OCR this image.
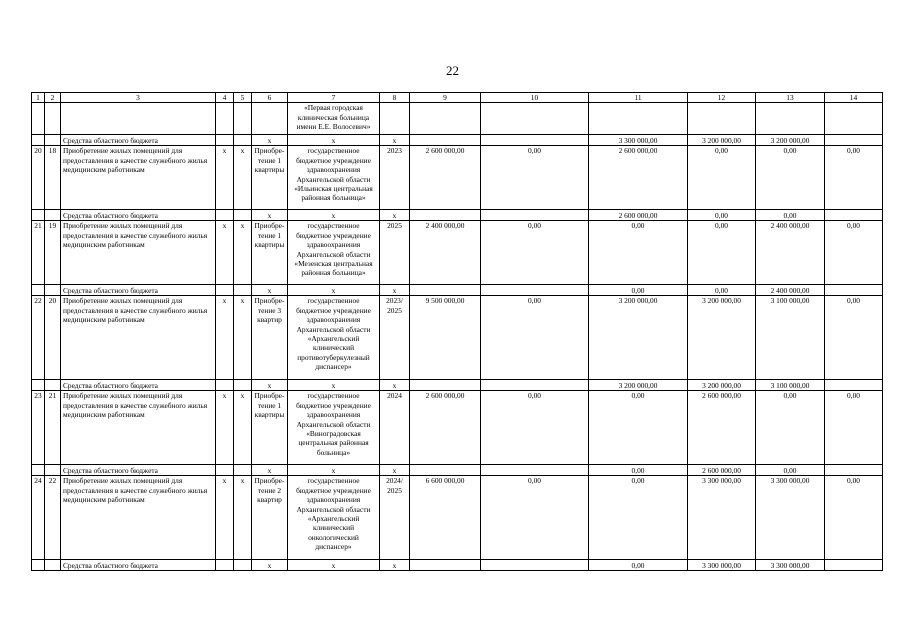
22
1	2	3	4	5	6	7	8	9	10	11	12	13	14
						«Первая городская клиническая больница имени Е.Е. Волосевич»							
		Средства областного бюджета			х	х	х			3 300 000,00	3 200 000,00	3 200 000,00	
20	18	Приобретение жилых помещений для предоставления в качестве служебного жилья медицинским работникам	х	х	Приобре- тение 1 квартиры	государственное бюджетное учреждение здравоохранения Архангельской области «Ильинская центральная районная больница»	2023	2 600 000,00	0,00	2 600 000,00	0,00	0,00	0,00
		Средства областного бюджета			х	х	х			2 600 000,00	0,00	0,00	
21	19	Приобретение жилых помещений для предоставления в качестве служебного жилья медицинским работникам	х	х	Приобре- тение 1 квартиры	государственное бюджетное учреждение здравоохранения Архангельской области «Мезенская центральная районная больница»	2025	2 400 000,00	0,00	0,00	0,00	2 400 000,00	0,00
		Средства областного бюджета			х	х	х			0,00	0,00	2 400 000,00	
22	20	Приобретение жилых помещений для предоставления в качестве служебного жилья медицинским работникам	х	х	Приобре- тение 3 квартир	государственное бюджетное учреждение здравоохранения Архангельской области «Архангельский клинический противотуберкулезный диспансер»	2023/ 2025	9 500 000,00	0,00	3 200 000,00	3 200 000,00	3 100 000,00	0,00
		Средства областного бюджета			х	х	х			3 200 000,00	3 200 000,00	3 100 000,00	
23	21	Приобретение жилых помещений для предоставления в качестве служебного жилья медицинским работникам	х	х	Приобре- тение 1 квартиры	государственное бюджетное учреждение здравоохранения Архангельской области «Виноградовская центральная районная больница»	2024	2 600 000,00	0,00	0,00	2 600 000,00	0,00	0,00
		Средства областного бюджета			х	х	х			0,00	2 600 000,00	0,00	
24	22	Приобретение жилых помещений для предоставления в качестве служебного жилья медицинским работникам	х	х	Приобре- тение 2 квартир	государственное бюджетное учреждение здравоохранения Архангельской области «Архангельский клинический онкологический диспансер»	2024/ 2025	6 600 000,00	0,00	0,00	3 300 000,00	3 300 000,00	0,00
		Средства областного бюджета			х	х	х			0,00	3 300 000,00	3 300 000,00	
